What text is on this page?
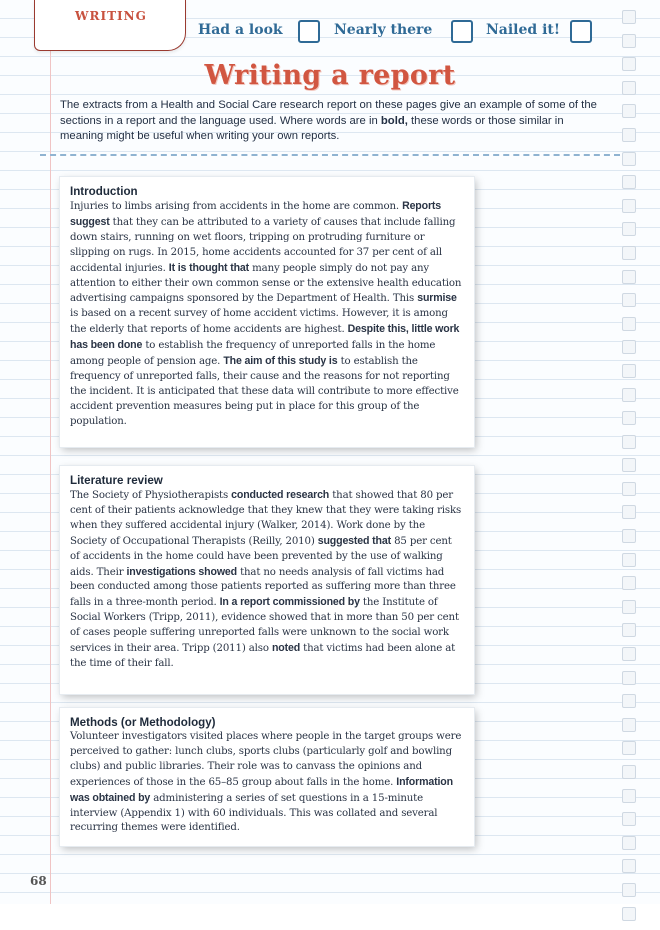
WRITING
Had a look	Nearly there	Nailed it!
Writing a report
The extracts from a Health and Social Care research report on these pages give an example of some of the sections in a report and the language used. Where words are in bold, these words or those similar in meaning might be useful when writing your own reports.
Introduction

Injuries to limbs arising from accidents in the home are common. Reports suggest that they can be attributed to a variety of causes that include falling down stairs, running on wet floors, tripping on protruding furniture or slipping on rugs. In 2015, home accidents accounted for 37 per cent of all accidental injuries. It is thought that many people simply do not pay any attention to either their own common sense or the extensive health education advertising campaigns sponsored by the Department of Health. This surmise is based on a recent survey of home accident victims. However, it is among the elderly that reports of home accidents are highest. Despite this, little work has been done to establish the frequency of unreported falls in the home among people of pension age. The aim of this study is to establish the frequency of unreported falls, their cause and the reasons for not reporting the incident. It is anticipated that these data will contribute to more effective accident prevention measures being put in place for this group of the population.

Literature review

The Society of Physiotherapists conducted research that showed that 80 per cent of their patients acknowledge that they knew that they were taking risks when they suffered accidental injury (Walker, 2014). Work done by the Society of Occupational Therapists (Reilly, 2010) suggested that 85 per cent of accidents in the home could have been prevented by the use of walking aids. Their investigations showed that no needs analysis of fall victims had been conducted among those patients reported as suffering more than three falls in a three-month period. In a report commissioned by the Institute of Social Workers (Tripp, 2011), evidence showed that in more than 50 per cent of cases people suffering unreported falls were unknown to the social work services in their area. Tripp (2011) also noted that victims had been alone at the time of their fall.

Methods (or Methodology)

Volunteer investigators visited places where people in the target groups were perceived to gather: lunch clubs, sports clubs (particularly golf and bowling clubs) and public libraries. Their role was to canvass the opinions and experiences of those in the 65–85 group about falls in the home. Information was obtained by administering a series of set questions in a 15-minute interview (Appendix 1) with 60 individuals. This was collated and several recurring themes were identified.

68
